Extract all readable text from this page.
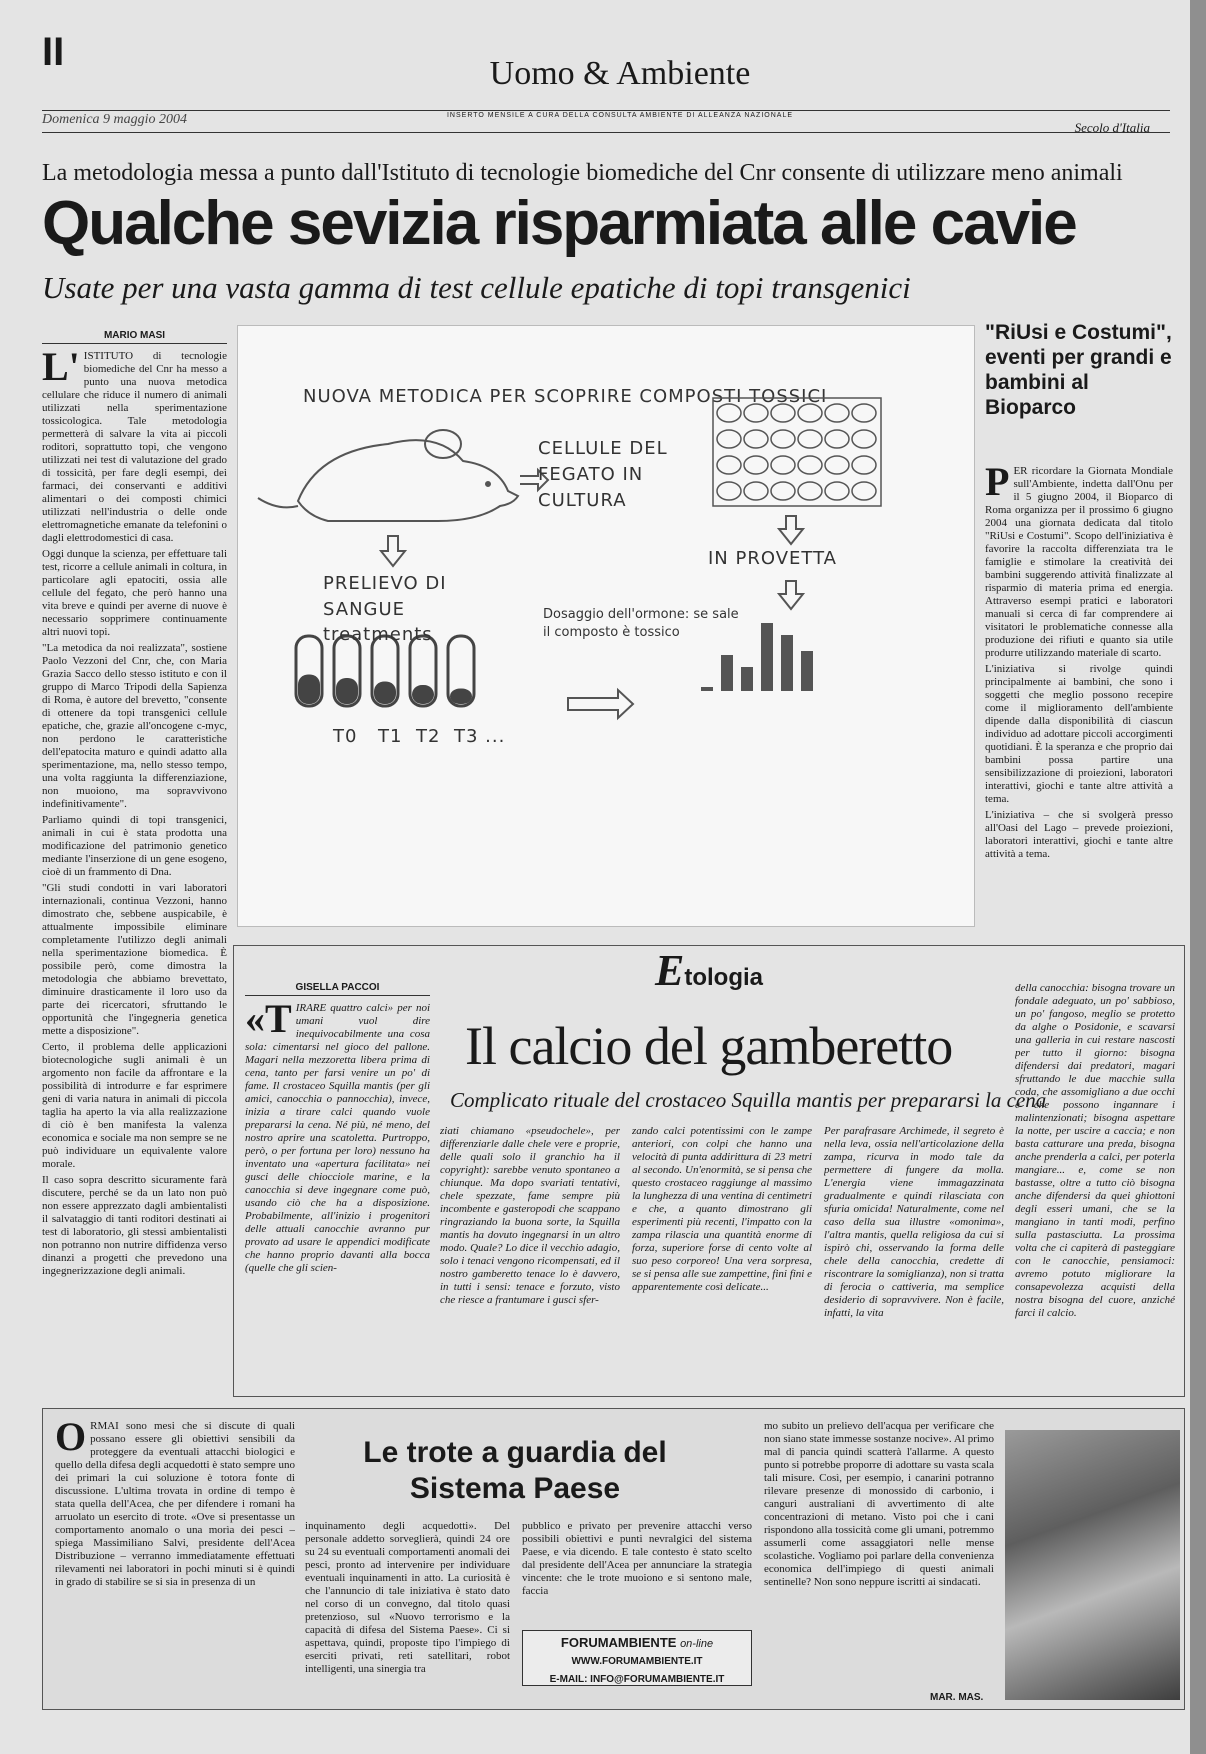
II	Uomo & Ambiente
INSERTO MENSILE A CURA DELLA CONSULTA AMBIENTE DI ALLEANZA NAZIONALE
Domenica 9 maggio 2004
Secolo d'Italia
La metodologia messa a punto dall'Istituto di tecnologie biomediche del Cnr consente di utilizzare meno animali
Qualche sevizia risparmiata alle cavie
Usate per una vasta gamma di test cellule epatiche di topi transgenici
MARIO MASI
L' ISTITUTO di tecnologie biomediche del Cnr ha messo a punto una nuova metodica cellulare che riduce il numero di animali utilizzati nella sperimentazione tossicologica. Tale metodologia permetterà di salvare la vita ai piccoli roditori, soprattutto topi, che vengono utilizzati nei test di valutazione del grado di tossicità, per fare degli esempi, dei farmaci, dei conservanti e additivi alimentari o dei composti chimici utilizzati nell'industria o delle onde elettromagnetiche emanate da telefonini o dagli elettrodomestici di casa.

Oggi dunque la scienza, per effettuare tali test, ricorre a cellule animali in coltura, in particolare agli epatociti, ossia alle cellule del fegato, che però hanno una vita breve e quindi per averne di nuove è necessario sopprimere continuamente altri nuovi topi.

"La metodica da noi realizzata", sostiene Paolo Vezzoni del Cnr, che, con Maria Grazia Sacco dello stesso istituto e con il gruppo di Marco Tripodi della Sapienza di Roma, è autore del brevetto, "consente di ottenere da topi transgenici cellule epatiche, che, grazie all'oncogene c-myc, non perdono le caratteristiche dell'epatocita maturo e quindi adatto alla sperimentazione, ma, nello stesso tempo, una volta raggiunta la differenziazione, non muoiono, ma sopravvivono indefinitivamente".

Parliamo quindi di topi transgenici, animali in cui è stata prodotta una modificazione del patrimonio genetico mediante l'inserzione di un gene esogeno, cioè di un frammento di Dna.

"Gli studi condotti in vari laboratori internazionali, continua Vezzoni, hanno dimostrato che, sebbene auspicabile, è attualmente impossibile eliminare completamente l'utilizzo degli animali nella sperimentazione biomedica. È possibile però, come dimostra la metodologia che abbiamo brevettato, diminuire drasticamente il loro uso da parte dei ricercatori, sfruttando le opportunità che l'ingegneria genetica mette a disposizione".

Certo, il problema delle applicazioni biotecnologiche sugli animali è un argomento non facile da affrontare e la possibilità di introdurre e far esprimere geni di varia natura in animali di piccola taglia ha aperto la via alla realizzazione di ciò è ben manifesta la valenza economica e sociale ma non sempre se ne può individuare un equivalente valore morale.

Il caso sopra descritto sicuramente farà discutere, perché se da un lato non può non essere apprezzato dagli ambientalisti il salvataggio di tanti roditori destinati ai test di laboratorio, gli stessi ambientalisti non potranno non nutrire diffidenza verso dinanzi a progetti che prevedono una ingegnerizzazione degli animali.

NUOVA METODICA PER SCOPRIRE COMPOSTI TOSSICI
CELLULE DEL FEGATO IN CULTURA
PRELIEVO DI SANGUE
treatments
IN PROVETTA
Dosaggio dell'ormone: se sale il composto è tossico
T0 T1 T2 T3 ...
"RiUsi e Costumi", eventi per grandi e bambini al Bioparco
P ER ricordare la Giornata Mondiale sull'Ambiente, indetta dall'Onu per il 5 giugno 2004, il Bioparco di Roma organizza per il prossimo 6 giugno 2004 una giornata dedicata dal titolo "RiUsi e Costumi". Scopo dell'iniziativa è favorire la raccolta differenziata tra le famiglie e stimolare la creatività dei bambini suggerendo attività finalizzate al risparmio di materia prima ed energia. Attraverso esempi pratici e laboratori manuali si cerca di far comprendere ai visitatori le problematiche connesse alla produzione dei rifiuti e quanto sia utile produrre utilizzando materiale di scarto.

L'iniziativa si rivolge quindi principalmente ai bambini, che sono i soggetti che meglio possono recepire come il miglioramento dell'ambiente dipende dalla disponibilità di ciascun individuo ad adottare piccoli accorgimenti quotidiani. È la speranza e che proprio dai bambini possa partire una sensibilizzazione di proiezioni, laboratori interattivi, giochi e tante altre attività a tema.

L'iniziativa – che si svolgerà presso all'Oasi del Lago – prevede proiezioni, laboratori interattivi, giochi e tante altre attività a tema.

Etologia
Il calcio del gamberetto
Complicato rituale del crostaceo Squilla mantis per prepararsi la cena
GISELLA PACCOI
«T IRARE quattro calci» per noi umani vuol dire inequivocabilmente una cosa sola: cimentarsi nel gioco del pallone. Magari nella mezzoretta libera prima di cena, tanto per farsi venire un po' di fame. Il crostaceo Squilla mantis (per gli amici, canocchia o pannocchia), invece, inizia a tirare calci quando vuole prepararsi la cena. Né più, né meno, del nostro aprire una scatoletta. Purtroppo, però, o per fortuna per loro) nessuno ha inventato una «apertura facilitata» nei gusci delle chiocciole marine, e la canocchia si deve ingegnare come può, usando ciò che ha a disposizione. Probabilmente, all'inizio i progenitori delle attuali canocchie avranno pur provato ad usare le appendici modificate che hanno proprio davanti alla bocca (quelle che gli scien-

ziati chiamano «pseudochele», per differenziarle dalle chele vere e proprie, delle quali solo il granchio ha il copyright): sarebbe venuto spontaneo a chiunque. Ma dopo svariati tentativi, chele spezzate, fame sempre più incombente e gasteropodi che scappano ringraziando la buona sorte, la Squilla mantis ha dovuto ingegnarsi in un altro modo. Quale? Lo dice il vecchio adagio, solo i tenaci vengono ricompensati, ed il nostro gamberetto tenace lo è davvero, in tutti i sensi: tenace e forzuto, visto che riesce a frantumare i gusci sfer-

zando calci potentissimi con le zampe anteriori, con colpi che hanno una velocità di punta addirittura di 23 metri al secondo. Un'enormità, se si pensa che questo crostaceo raggiunge al massimo la lunghezza di una ventina di centimetri e che, a quanto dimostrano gli esperimenti più recenti, l'impatto con la zampa rilascia una quantità enorme di forza, superiore forse di cento volte al suo peso corporeo! Una vera sorpresa, se si pensa alle sue zampettine, fini fini e apparentemente così delicate...

Per parafrasare Archimede, il segreto è nella leva, ossia nell'articolazione della zampa, ricurva in modo tale da permettere di fungere da molla. L'energia viene immagazzinata gradualmente e quindi rilasciata con sfuria omicida! Naturalmente, come nel caso della sua illustre «omonima», l'altra mantis, quella religiosa da cui si ispirò chi, osservando la forma delle chele della canocchia, credette di riscontrare la somiglianza), non si tratta di ferocia o cattiveria, ma semplice desiderio di sopravvivere. Non è facile, infatti, la vita

della canocchia: bisogna trovare un fondale adeguato, un po' sabbioso, un po' fangoso, meglio se protetto da alghe o Posidonie, e scavarsi una galleria in cui restare nascosti per tutto il giorno: bisogna difendersi dai predatori, magari sfruttando le due macchie sulla coda, che assomigliano a due occhi e che possono ingannare i malintenzionati; bisogna aspettare la notte, per uscire a caccia; e non basta catturare una preda, bisogna anche prenderla a calci, per poterla mangiare... e, come se non bastasse, oltre a tutto ciò bisogna anche difendersi da quei ghiottoni degli esseri umani, che se la mangiano in tanti modi, perfino sulla pastasciutta. La prossima volta che ci capiterà di pasteggiare con le canocchie, pensiamoci: avremo potuto migliorare la consapevolezza acquisti della nostra bisogna del cuore, anziché farci il calcio.

Le trote a guardia del Sistema Paese
O RMAI sono mesi che si discute di quali possano essere gli obiettivi sensibili da proteggere da eventuali attacchi biologici e quello della difesa degli acquedotti è stato sempre uno dei primari la cui soluzione è totora fonte di discussione. L'ultima trovata in ordine di tempo è stata quella dell'Acea, che per difendere i romani ha arruolato un esercito di trote. «Ove si presentasse un comportamento anomalo o una morìa dei pesci – spiega Massimiliano Salvi, presidente dell'Acea Distribuzione – verranno immediatamente effettuati rilevamenti nei laboratori in pochi minuti si è quindi in grado di stabilire se si sia in presenza di un

inquinamento degli acquedotti». Del personale addetto sorveglierà, quindi 24 ore su 24 su eventuali comportamenti anomali dei pesci, pronto ad intervenire per individuare eventuali inquinamenti in atto. La curiosità è che l'annuncio di tale iniziativa è stato dato nel corso di un convegno, dal titolo quasi pretenzioso, sul «Nuovo terrorismo e la capacità di difesa del Sistema Paese». Ci si aspettava, quindi, proposte tipo l'impiego di eserciti privati, reti satellitari, robot intelligenti, una sinergia tra

pubblico e privato per prevenire attacchi verso possibili obiettivi e punti nevralgici del sistema Paese, e via dicendo. E tale contesto è stato scelto dal presidente dell'Acea per annunciare la strategia vincente: che le trote muoiono e si sentono male, faccia

FORUMAMBIENTE on-line
WWW.FORUMAMBIENTE.IT
E-MAIL: INFO@FORUMAMBIENTE.IT

mo subito un prelievo dell'acqua per verificare che non siano state immesse sostanze nocive». Al primo mal di pancia quindi scatterà l'allarme. A questo punto si potrebbe proporre di adottare su vasta scala tali misure. Così, per esempio, i canarini potranno rilevare presenze di monossido di carbonio, i canguri australiani di avvertimento di alte concentrazioni di metano. Visto poi che i cani rispondono alla tossicità come gli umani, potremmo assumerli come assaggiatori nelle mense scolastiche. Vogliamo poi parlare della convenienza economica dell'impiego di questi animali sentinelle? Non sono neppure iscritti ai sindacati.

MAR. MAS.
